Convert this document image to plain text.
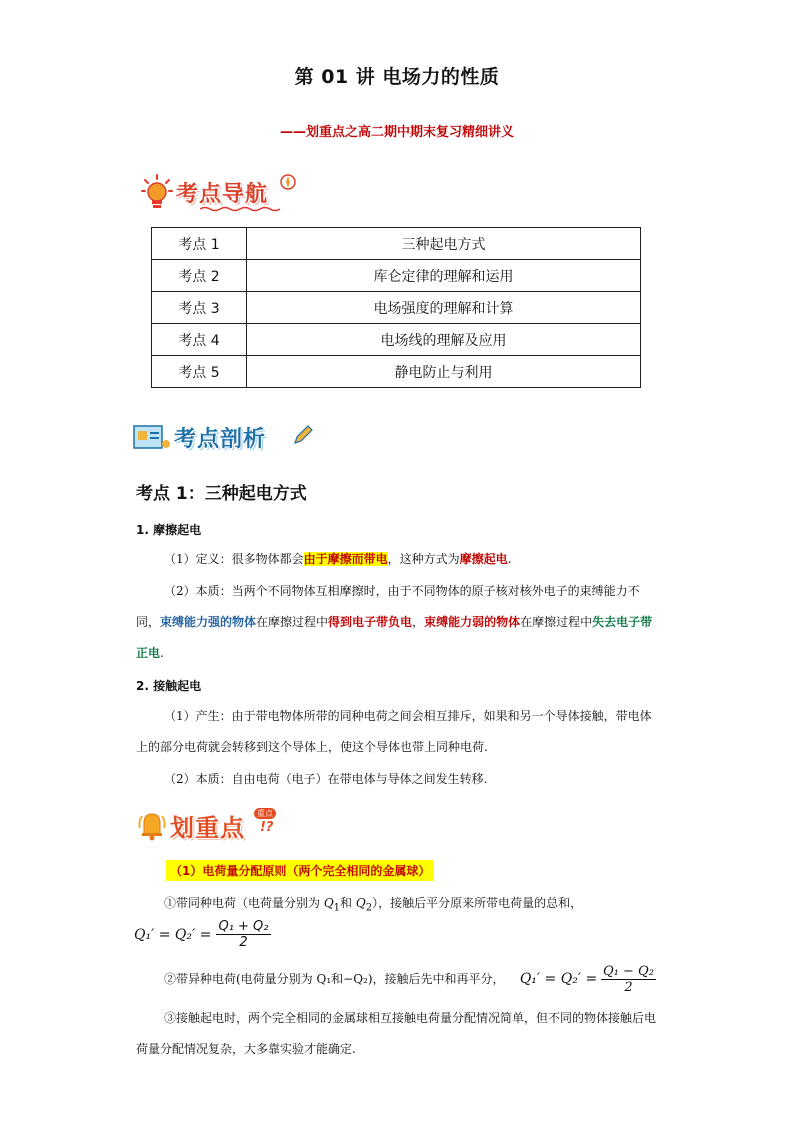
第 01 讲 电场力的性质
——划重点之高二期中期末复习精细讲义
考点导航
考点 1	三种起电方式
考点 2	库仑定律的理解和运用
考点 3	电场强度的理解和计算
考点 4	电场线的理解及应用
考点 5	静电防止与利用
考点剖析
考点 1：三种起电方式
1. 摩擦起电
（1）定义：很多物体都会由于摩擦而带电，这种方式为摩擦起电.
（2）本质：当两个不同物体互相摩擦时，由于不同物体的原子核对核外电子的束缚能力不同，束缚能力强的物体在摩擦过程中得到电子带负电，束缚能力弱的物体在摩擦过程中失去电子带正电.
2. 接触起电
（1）产生：由于带电物体所带的同种电荷之间会相互排斥，如果和另一个导体接触，带电体上的部分电荷就会转移到这个导体上，使这个导体也带上同种电荷.
（2）本质：自由电荷（电子）在带电体与导体之间发生转移.
划重点
重点
!?
（1）电荷量分配原则（两个完全相同的金属球）
①带同种电荷（电荷量分别为 $Q_1$和 $Q_2$），接触后平分原来所带电荷量的总和，
$Q_1' = Q_2' = \frac{\text{Q₁ + Q₂}}{2}$
②带异种电荷(电荷量分别为 Q₁和−Q₂)，接触后先中和再平分， $Q_1' = Q_2' = \frac{\text{Q₁ − Q₂}}{2}$
③接触起电时，两个完全相同的金属球相互接触电荷量分配情况简单，但不同的物体接触后电荷量分配情况复杂，大多靠实验才能确定.
